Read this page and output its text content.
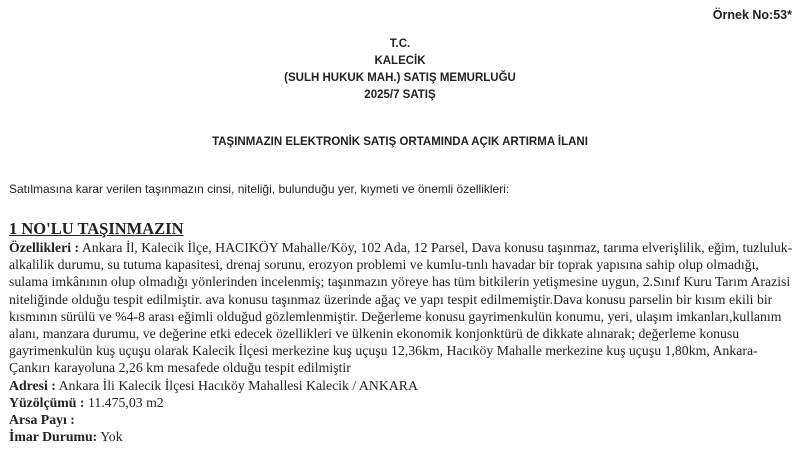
Örnek No:53*
T.C.
KALECİK
(SULH HUKUK MAH.) SATIŞ MEMURLUĞU
2025/7 SATIŞ
TAŞINMAZIN ELEKTRONİK SATIŞ ORTAMINDA AÇIK ARTIRMA İLANI
Satılmasına karar verilen taşınmazın cinsi, niteliği, bulunduğu yer, kıymeti ve önemli özellikleri:
1 NO'LU TAŞINMAZIN
Özellikleri : Ankara İl, Kalecik İlçe, HACIKÖY Mahalle/Köy, 102 Ada, 12 Parsel, Dava konusu taşınmaz, tarıma elverişlilik, eğim, tuzluluk-alkalilik durumu, su tutuma kapasitesi, drenaj sorunu, erozyon problemi ve kumlu-tınlı havadar bir toprak yapısına sahip olup olmadığı, sulama imkânının olup olmadığı yönlerinden incelenmiş; taşınmazın yöreye has tüm bitkilerin yetişmesine uygun, 2.Sınıf Kuru Tarım Arazisi niteliğinde olduğu tespit edilmiştir. ava konusu taşınmaz üzerinde ağaç ve yapı tespit edilmemiştir.Dava konusu parselin bir kısım ekili bir kısmının sürülü ve %4-8 arası eğimli olduğud gözlemlenmiştir. Değerleme konusu gayrimenkulün konumu, yeri, ulaşım imkanları,kullanım alanı, manzara durumu, ve değerine etki edecek özellikleri ve ülkenin ekonomik konjonktürü de dikkate alınarak; değerleme konusu gayrimenkulün kuş uçuşu olarak Kalecik İlçesi merkezine kuş uçuşu 12,36km, Hacıköy Mahalle merkezine kuş uçuşu 1,80km, Ankara-Çankırı karayoluna 2,26 km mesafede olduğu tespit edilmiştir
Adresi : Ankara İli Kalecik İlçesi Hacıköy Mahallesi Kalecik / ANKARA
Yüzölçümü : 11.475,03 m2
Arsa Payı :
İmar Durumu: Yok
